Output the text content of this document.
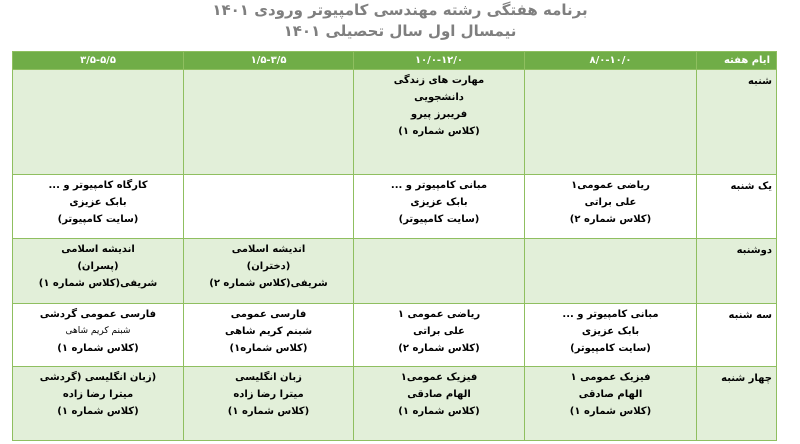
برنامه هفتگی رشته مهندسی کامپیوتر ورودی ۱۴۰۱
نیمسال اول سال تحصیلی ۱۴۰۱
ایام هفته	۸/۰-۱۰/۰	۱۰/۰-۱۲/۰	۱/۵-۳/۵	۳/۵-۵/۵
شنبه		مهارت های زندگی
دانشجویی
فریبرز پیرو
(کلاس شماره ۱)		

یک شنبه	ریاضی عمومی۱
علی براتی
(کلاس شماره ۲)	مبانی کامپیوتر و ...
بابک عزیزی
(سایت کامپیوتر)		کارگاه کامپیوتر و ...
بابک عزیزی
(سایت کامپیوتر)

دوشنبه			اندیشه اسلامی
(دختران)
شریفی(کلاس شماره ۲)	اندیشه اسلامی
(پسران)
شریفی(کلاس شماره ۱)

سه شنبه	مبانی کامپیوتر و ...
بابک عزیزی
(سایت کامپیوتر)	ریاضی عمومی ۱
علی براتی
(کلاس شماره ۲)	فارسی عمومی
شبنم کریم شاهی
(کلاس شماره۱)	فارسی عمومی گردشی
شبنم کریم شاهی
(کلاس شماره ۱)

چهار شنبه	فیزیک عمومی ۱
الهام صادقی
(کلاس شماره ۱)	فیزیک عمومی۱
الهام صادقی
(کلاس شماره ۱)	زبان انگلیسی
میترا رضا زاده
(کلاس شماره ۱)	(زبان انگلیسی (گردشی
میترا رضا زاده
(کلاس شماره ۱)
